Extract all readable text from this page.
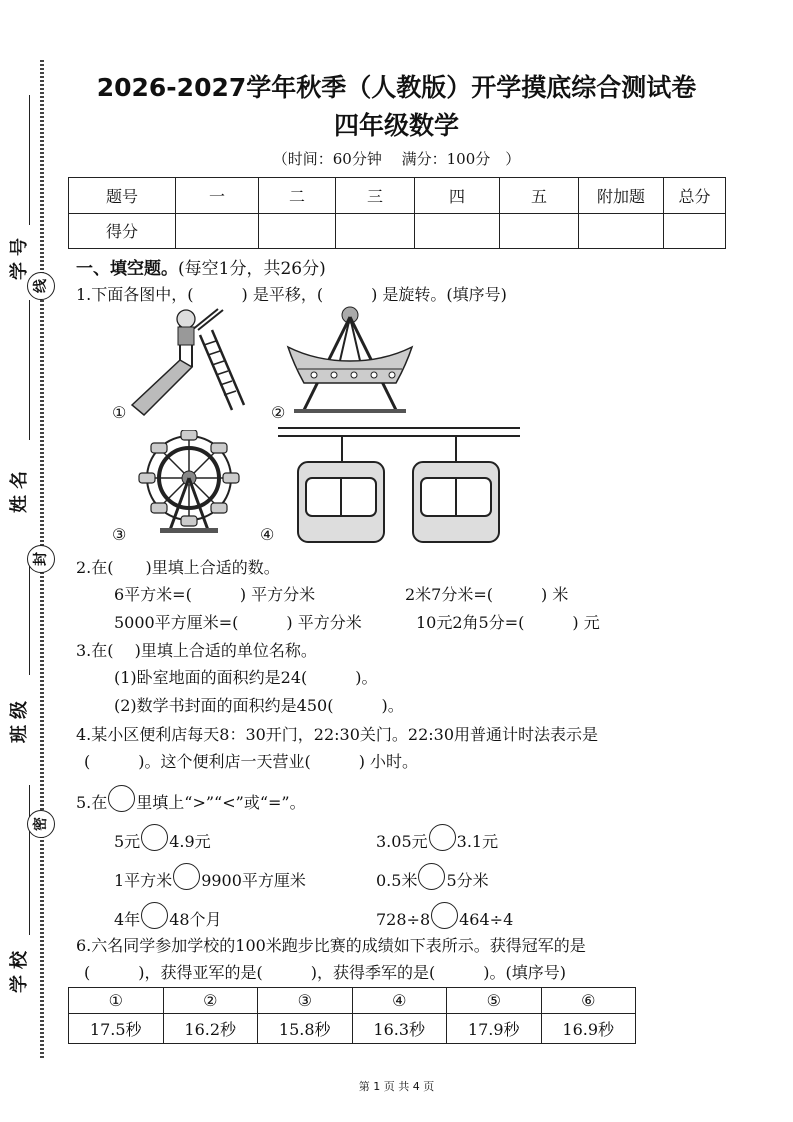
学号
姓名
班级
学校
线
封
密
2026-2027学年秋季（人教版）开学摸底综合测试卷
四年级数学
（时间：60分钟　 满分：100分　）
题号	一	二	三	四	五	附加题	总分
得分							
一、填空题。(每空1分，共26分)
1.下面各图中，(　　　) 是平移，(　　　) 是旋转。(填序号)
①	②
③	④
2.在(　　)里填上合适的数。
6平方米=(　　　) 平方分米	2米7分米=(　　　) 米
5000平方厘米=(　　　) 平方分米	10元2角5分=(　　　) 元
3.在(　 )里填上合适的单位名称。
(1)卧室地面的面积约是24(　　　)。
(2)数学书封面的面积约是450(　　　)。
4.某小区便利店每天8：30开门，22:30关门。22:30用普通计时法表示是
(　　　)。这个便利店一天营业(　　　) 小时。
5.在 里填上“>”“<”或“=”。
5元 4.9元	3.05元 3.1元
1平方米 9900平方厘米	0.5米 5分米
4年 48个月	728÷8 464÷4
6.六名同学参加学校的100米跑步比赛的成绩如下表所示。获得冠军的是
(　　　)，获得亚军的是(　　　)，获得季军的是(　　　)。(填序号)
①	②	③	④	⑤	⑥
17.5秒	16.2秒	15.8秒	16.3秒	17.9秒	16.9秒
第 1 页 共 4 页
